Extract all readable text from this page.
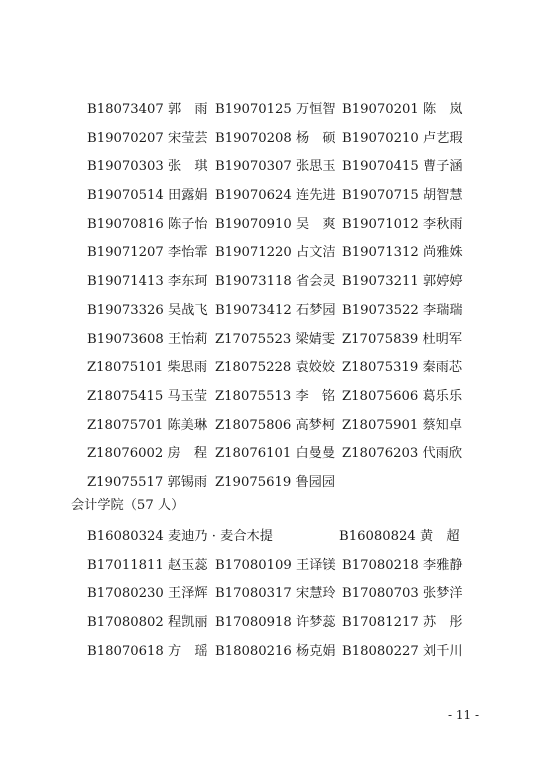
B18073407 郭　雨 B19070125 万恒智 B19070201 陈　岚
B19070207 宋莹芸 B19070208 杨　硕 B19070210 卢艺瑕
B19070303 张　琪 B19070307 张思玉 B19070415 曹子涵
B19070514 田露娟 B19070624 连先进 B19070715 胡智慧
B19070816 陈子怡 B19070910 吴　爽 B19071012 李秋雨
B19071207 李怡霏 B19071220 占文洁 B19071312 尚雅姝
B19071413 李东珂 B19073118 省会灵 B19073211 郭婷婷
B19073326 吴战飞 B19073412 石梦园 B19073522 李瑞瑞
B19073608 王怡莉 Z17075523 梁婧雯 Z17075839 杜明军
Z18075101 柴思雨 Z18075228 袁姣姣 Z18075319 秦雨芯
Z18075415 马玉莹 Z18075513 李　铭 Z18075606 葛乐乐
Z18075701 陈美琳 Z18075806 高梦柯 Z18075901 蔡知卓
Z18076002 房　程 Z18076101 白曼曼 Z18076203 代雨欣
Z19075517 郭锡雨 Z19075619 鲁园园
会计学院（57 人）
B16080324 麦迪乃 · 麦合木提	B16080824 黄　超
B17011811 赵玉蕊 B17080109 王译镁 B17080218 李雅静
B17080230 王泽辉 B17080317 宋慧玲 B17080703 张梦洋
B17080802 程凯丽 B17080918 许梦蕊 B17081217 苏　彤
B18070618 方　瑶 B18080216 杨克娟 B18080227 刘千川
- 11 -
